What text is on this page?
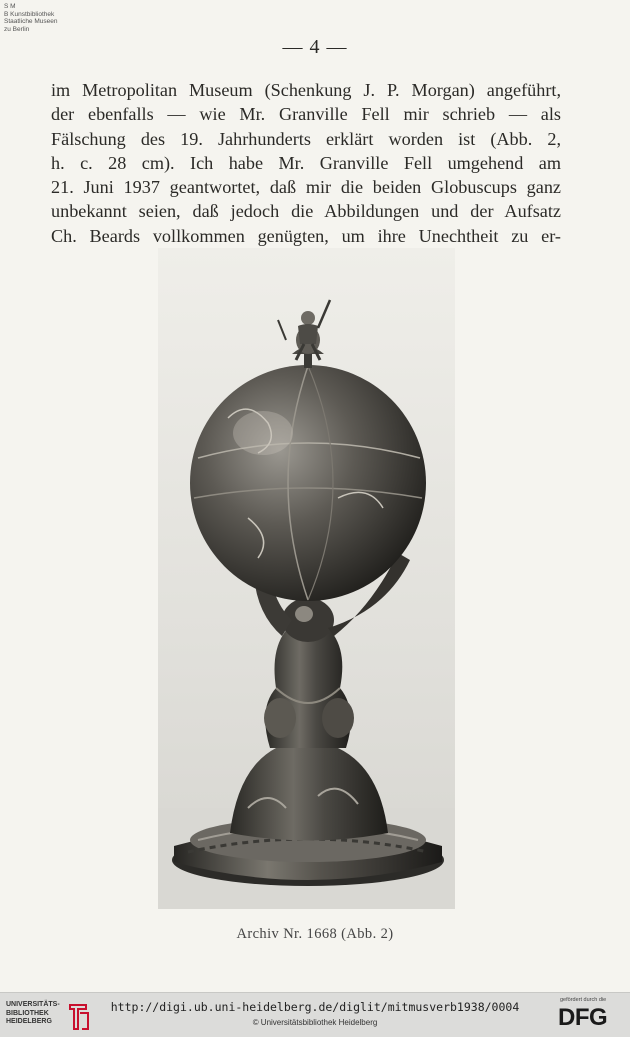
S M
B Kunstbibliothek
Staatliche Museen
zu Berlin
— 4 —
im Metropolitan Museum (Schenkung J. P. Morgan) angeführt,
der ebenfalls — wie Mr. Granville Fell mir schrieb — als
Fälschung des 19. Jahrhunderts erklärt worden ist (Abb. 2,
h. c. 28 cm). Ich habe Mr. Granville Fell umgehend am
21. Juni 1937 geantwortet, daß mir die beiden Globuscups ganz
unbekannt seien, daß jedoch die Abbildungen und der Aufsatz
Ch. Beards vollkommen genügten, um ihre Unechtheit zu er-
Archiv Nr. 1668 (Abb. 2)
UNIVERSITÄTS-
BIBLIOTHEK
HEIDELBERG
http://digi.ub.uni-heidelberg.de/diglit/mitmusverb1938/0004
© Universitätsbibliothek Heidelberg
gefördert durch die
DFG
